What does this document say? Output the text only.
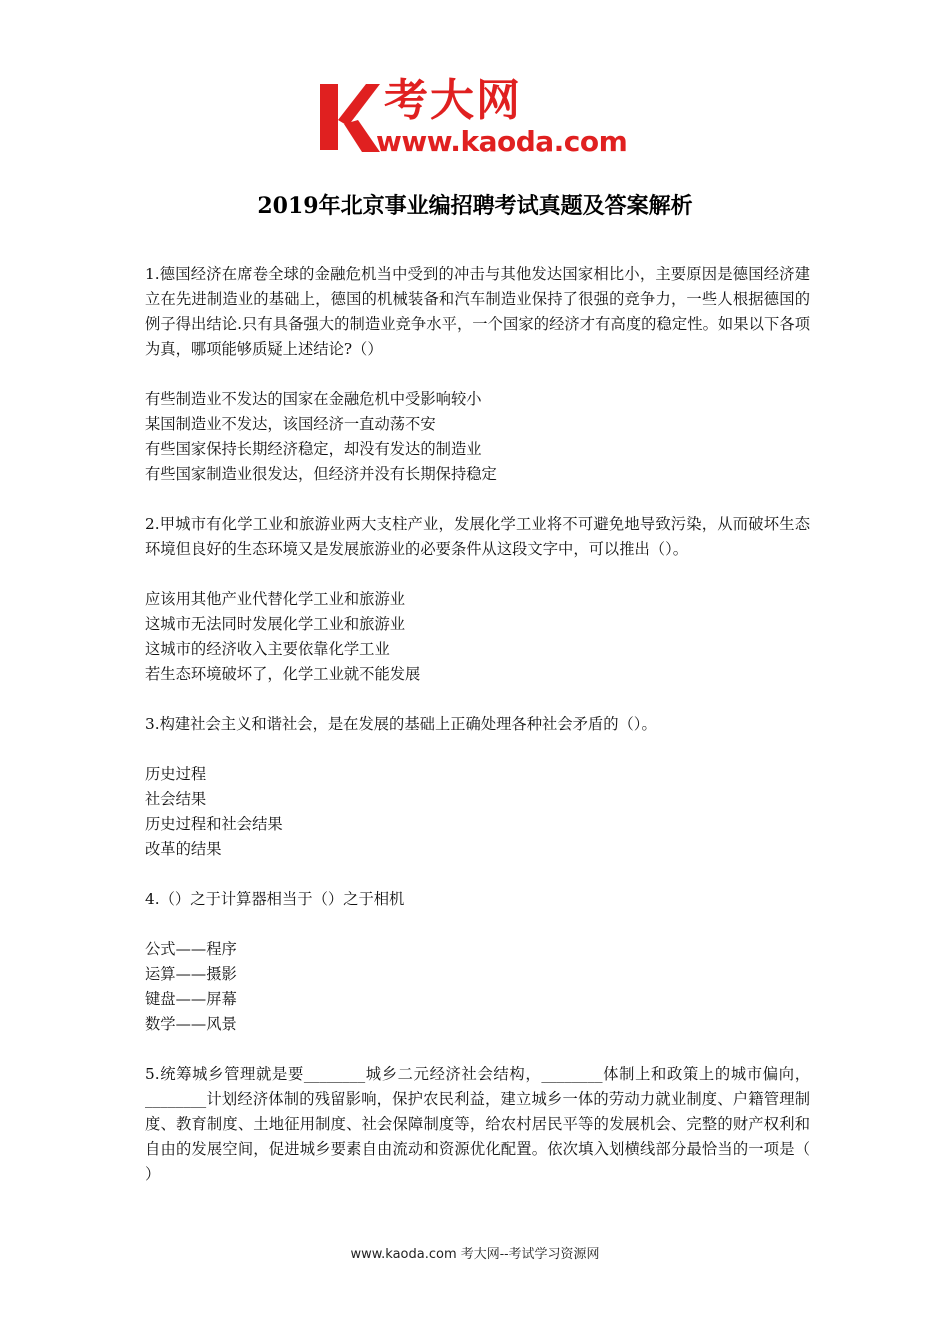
考大网
www.kaoda.com
2019年北京事业编招聘考试真题及答案解析

1.德国经济在席卷全球的金融危机当中受到的冲击与其他发达国家相比小，主要原因是德国经济建立在先进制造业的基础上，德国的机械装备和汽车制造业保持了很强的竞争力，一些人根据德国的例子得出结论.只有具备强大的制造业竞争水平，一个国家的经济才有高度的稳定性。如果以下各项为真，哪项能够质疑上述结论?（）

有些制造业不发达的国家在金融危机中受影响较小
某国制造业不发达，该国经济一直动荡不安
有些国家保持长期经济稳定，却没有发达的制造业
有些国家制造业很发达，但经济并没有长期保持稳定

2.甲城市有化学工业和旅游业两大支柱产业，发展化学工业将不可避免地导致污染，从而破坏生态环境但良好的生态环境又是发展旅游业的必要条件从这段文字中，可以推出（）。

应该用其他产业代替化学工业和旅游业
这城市无法同时发展化学工业和旅游业
这城市的经济收入主要依靠化学工业
若生态环境破坏了，化学工业就不能发展

3.构建社会主义和谐社会，是在发展的基础上正确处理各种社会矛盾的（）。

历史过程
社会结果
历史过程和社会结果
改革的结果

4.（）之于计算器相当于（）之于相机

公式——程序
运算——摄影
键盘——屏幕
数学——风景

5.统筹城乡管理就是要________城乡二元经济社会结构，________体制上和政策上的城市偏向，________计划经济体制的残留影响，保护农民利益，建立城乡一体的劳动力就业制度、户籍管理制度、教育制度、土地征用制度、社会保障制度等，给农村居民平等的发展机会、完整的财产权利和自由的发展空间，促进城乡要素自由流动和资源优化配置。依次填入划横线部分最恰当的一项是（ ）

www.kaoda.com 考大网--考试学习资源网
